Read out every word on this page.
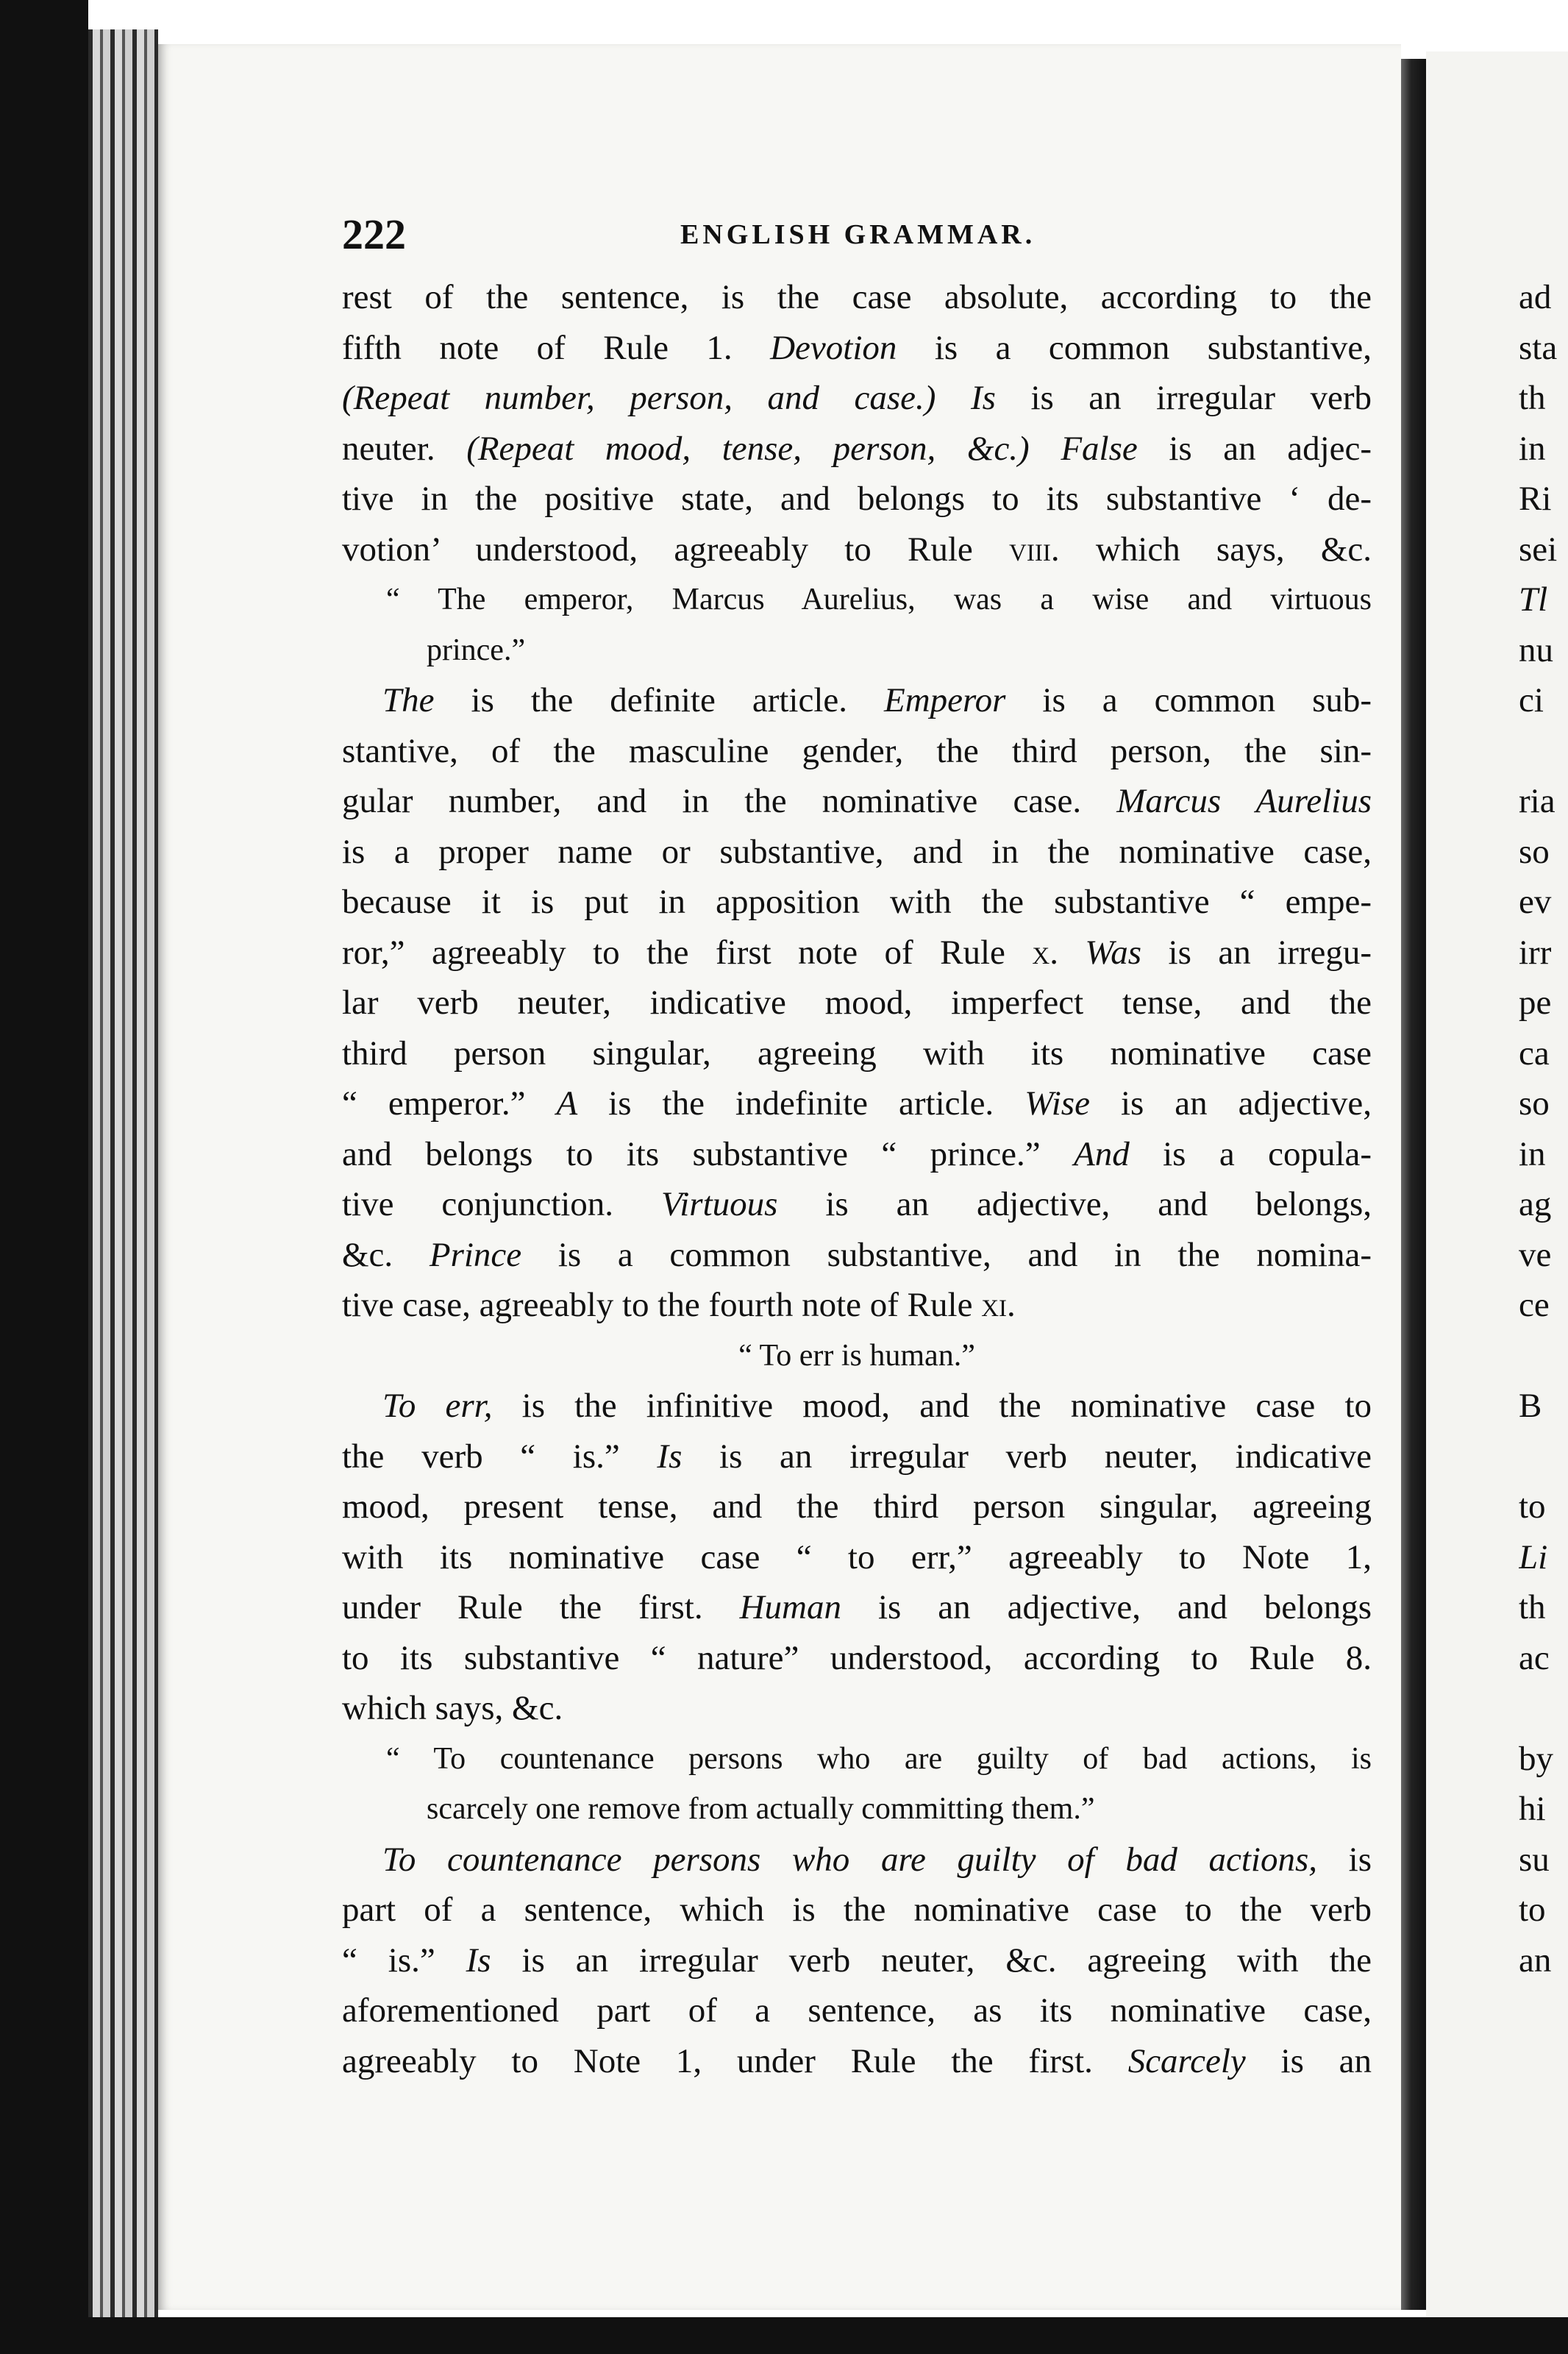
222	ENGLISH GRAMMAR.
rest of the sentence, is the case absolute, according to the
fifth note of Rule 1. Devotion is a common substantive,
(Repeat number, person, and case.) Is is an irregular verb
neuter. (Repeat mood, tense, person, &c.) False is an adjec-
tive in the positive state, and belongs to its substantive ‘ de-
votion’ understood, agreeably to Rule viii. which says, &c.
“ The emperor, Marcus Aurelius, was a wise and virtuous
prince.”
The is the definite article. Emperor is a common sub-
stantive, of the masculine gender, the third person, the sin-
gular number, and in the nominative case. Marcus Aurelius
is a proper name or substantive, and in the nominative case,
because it is put in apposition with the substantive “ empe-
ror,” agreeably to the first note of Rule x. Was is an irregu-
lar verb neuter, indicative mood, imperfect tense, and the
third person singular, agreeing with its nominative case
“ emperor.” A is the indefinite article. Wise is an adjective,
and belongs to its substantive “ prince.” And is a copula-
tive conjunction. Virtuous is an adjective, and belongs,
&c. Prince is a common substantive, and in the nomina-
tive case, agreeably to the fourth note of Rule xi.
“ To err is human.”
To err, is the infinitive mood, and the nominative case to
the verb “ is.” Is is an irregular verb neuter, indicative
mood, present tense, and the third person singular, agreeing
with its nominative case “ to err,” agreeably to Note 1,
under Rule the first. Human is an adjective, and belongs
to its substantive “ nature” understood, according to Rule 8.
which says, &c.
“ To countenance persons who are guilty of bad actions, is
scarcely one remove from actually committing them.”
To countenance persons who are guilty of bad actions, is
part of a sentence, which is the nominative case to the verb
“ is.” Is is an irregular verb neuter, &c. agreeing with the
aforementioned part of a sentence, as its nominative case,
agreeably to Note 1, under Rule the first. Scarcely is an
ad
sta
th
in
Ri
sei
Tl
nu
ci
ria
so
ev
irr
pe
ca
so
in
ag
ve
ce
B
to
Li
th
ac
by
hi
su
to
an
